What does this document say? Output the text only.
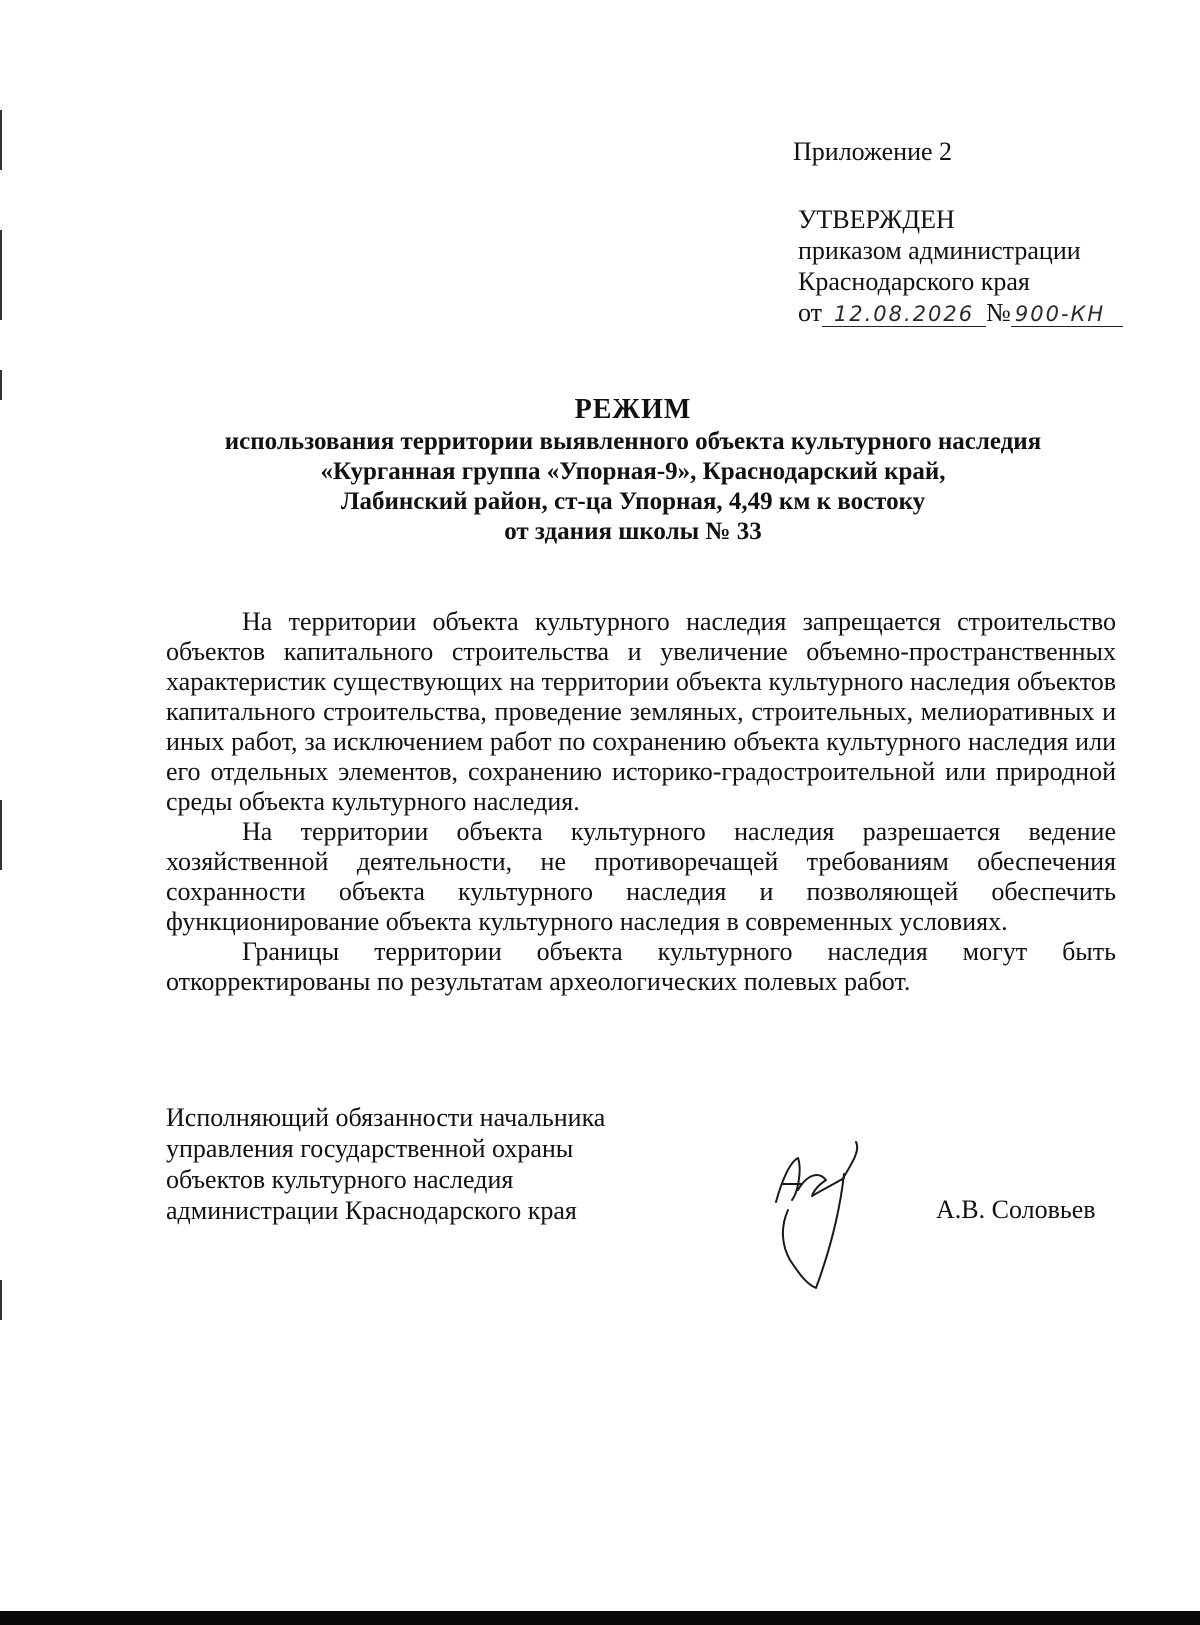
Приложение 2
УТВЕРЖДЕН
приказом администрации
Краснодарского края
от 12.08.2026 № 900-КН
РЕЖИМ
использования территории выявленного объекта культурного наследия
«Курганная группа «Упорная-9», Краснодарский край,
Лабинский район, ст-ца Упорная, 4,49 км к востоку
от здания школы № 33

На территории объекта культурного наследия запрещается строительство объектов капитального строительства и увеличение объемно-пространственных характеристик существующих на территории объекта культурного наследия объектов капитального строительства, проведение земляных, строительных, мелиоративных и иных работ, за исключением работ по сохранению объекта культурного наследия или его отдельных элементов, сохранению историко-градостроительной или природной среды объекта культурного наследия.

На территории объекта культурного наследия разрешается ведение хозяйственной деятельности, не противоречащей требованиям обеспечения сохранности объекта культурного наследия и позволяющей обеспечить функционирование объекта культурного наследия в современных условиях.

Границы территории объекта культурного наследия могут быть откорректированы по результатам археологических полевых работ.

Исполняющий обязанности начальника
управления государственной охраны
объектов культурного наследия
администрации Краснодарского края	А.В. Соловьев
